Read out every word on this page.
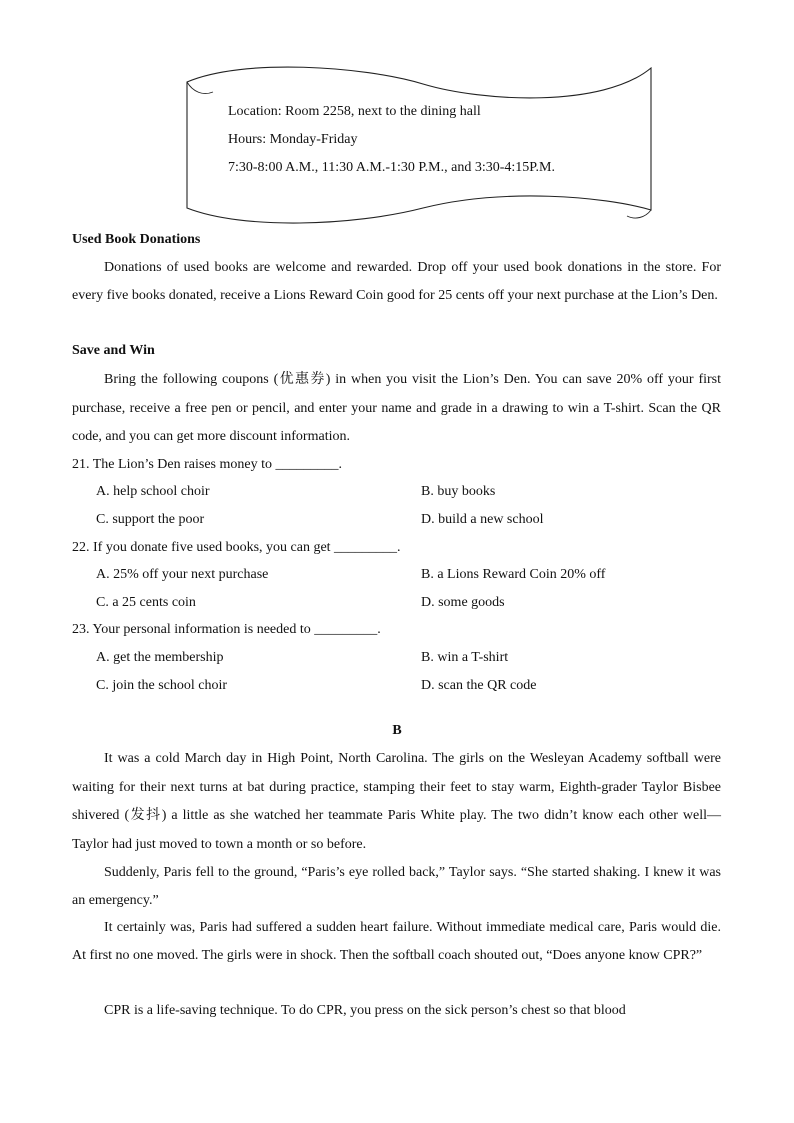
Location: Room 2258, next to the dining hall
Hours: Monday-Friday
7:30-8:00 A.M., 11:30 A.M.-1:30 P.M., and 3:30-4:15P.M.
Used Book Donations

Donations of used books are welcome and rewarded. Drop off your used book donations in the store. For every five books donated, receive a Lions Reward Coin good for 25 cents off your next purchase at the Lion’s Den.

Save and Win

Bring the following coupons (优惠券) in when you visit the Lion’s Den. You can save 20% off your first purchase, receive a free pen or pencil, and enter your name and grade in a drawing to win a T-shirt. Scan the QR code, and you can get more discount information.

21. The Lion’s Den raises money to _________.
A. help school choir	B. buy books
C. support the poor	D. build a new school
22. If you donate five used books, you can get _________.
A. 25% off your next purchase	B. a Lions Reward Coin 20% off
C. a 25 cents coin	D. some goods
23. Your personal information is needed to _________.
A. get the membership	B. win a T-shirt
C. join the school choir	D. scan the QR code
B

It was a cold March day in High Point, North Carolina. The girls on the Wesleyan Academy softball were waiting for their next turns at bat during practice, stamping their feet to stay warm, Eighth-grader Taylor Bisbee shivered (发抖) a little as she watched her teammate Paris White play. The two didn’t know each other well—Taylor had just moved to town a month or so before.

Suddenly, Paris fell to the ground, “Paris’s eye rolled back,” Taylor says. “She started shaking. I knew it was an emergency.”

It certainly was, Paris had suffered a sudden heart failure. Without immediate medical care, Paris would die. At first no one moved. The girls were in shock. Then the softball coach shouted out, “Does anyone know CPR?”

CPR is a life-saving technique. To do CPR, you press on the sick person’s chest so that blood
